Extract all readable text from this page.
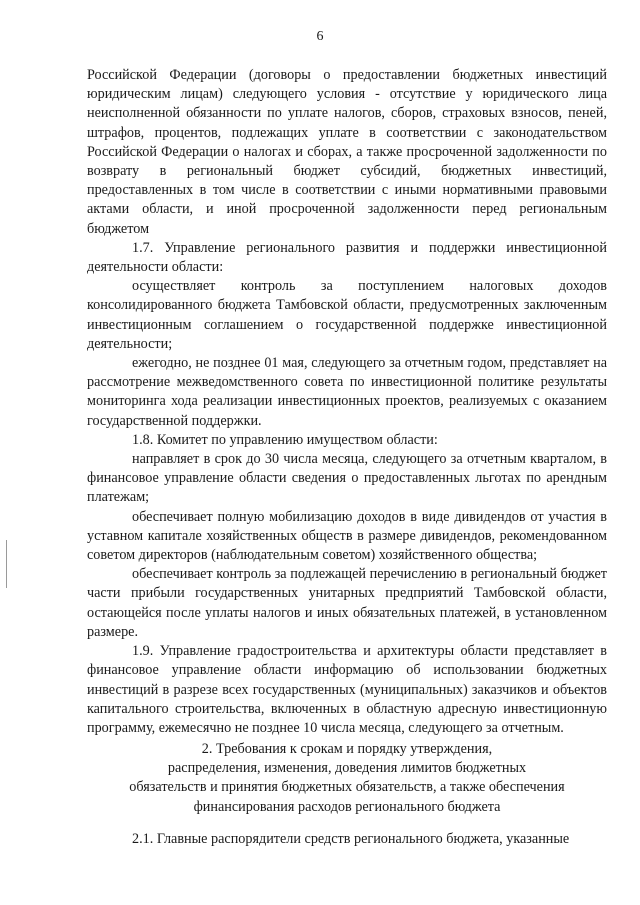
6

Российской Федерации (договоры о предоставлении бюджетных инвестиций юридическим лицам) следующего условия - отсутствие у юридического лица неисполненной обязанности по уплате налогов, сборов, страховых взносов, пеней, штрафов, процентов, подлежащих уплате в соответствии с законодательством Российской Федерации о налогах и сборах, а также просроченной задолженности по возврату в региональный бюджет субсидий, бюджетных инвестиций, предоставленных в том числе в соответствии с иными нормативными правовыми актами области, и иной просроченной задолженности перед региональным бюджетом

1.7. Управление регионального развития и поддержки инвестиционной деятельности области:

осуществляет контроль за поступлением налоговых доходов консолидированного бюджета Тамбовской области, предусмотренных заключенным инвестиционным соглашением о государственной поддержке инвестиционной деятельности;

ежегодно, не позднее 01 мая, следующего за отчетным годом, представляет на рассмотрение межведомственного совета по инвестиционной политике результаты мониторинга хода реализации инвестиционных проектов, реализуемых с оказанием государственной поддержки.

1.8. Комитет по управлению имуществом области:

направляет в срок до 30 числа месяца, следующего за отчетным кварталом, в финансовое управление области сведения о предоставленных льготах по арендным платежам;

обеспечивает полную мобилизацию доходов в виде дивидендов от участия в уставном капитале хозяйственных обществ в размере дивидендов, рекомендованном советом директоров (наблюдательным советом) хозяйственного общества;

обеспечивает контроль за подлежащей перечислению в региональный бюджет части прибыли государственных унитарных предприятий Тамбовской области, остающейся после уплаты налогов и иных обязательных платежей, в установленном размере.

1.9. Управление градостроительства и архитектуры области представляет в финансовое управление области информацию об использовании бюджетных инвестиций в разрезе всех государственных (муниципальных) заказчиков и объектов капитального строительства, включенных в областную адресную инвестиционную программу, ежемесячно не позднее 10 числа месяца, следующего за отчетным.

2. Требования к срокам и порядку утверждения,
распределения, изменения, доведения лимитов бюджетных
обязательств и принятия бюджетных обязательств, а также обеспечения
финансирования расходов регионального бюджета
2.1. Главные распорядители средств регионального бюджета, указанные
